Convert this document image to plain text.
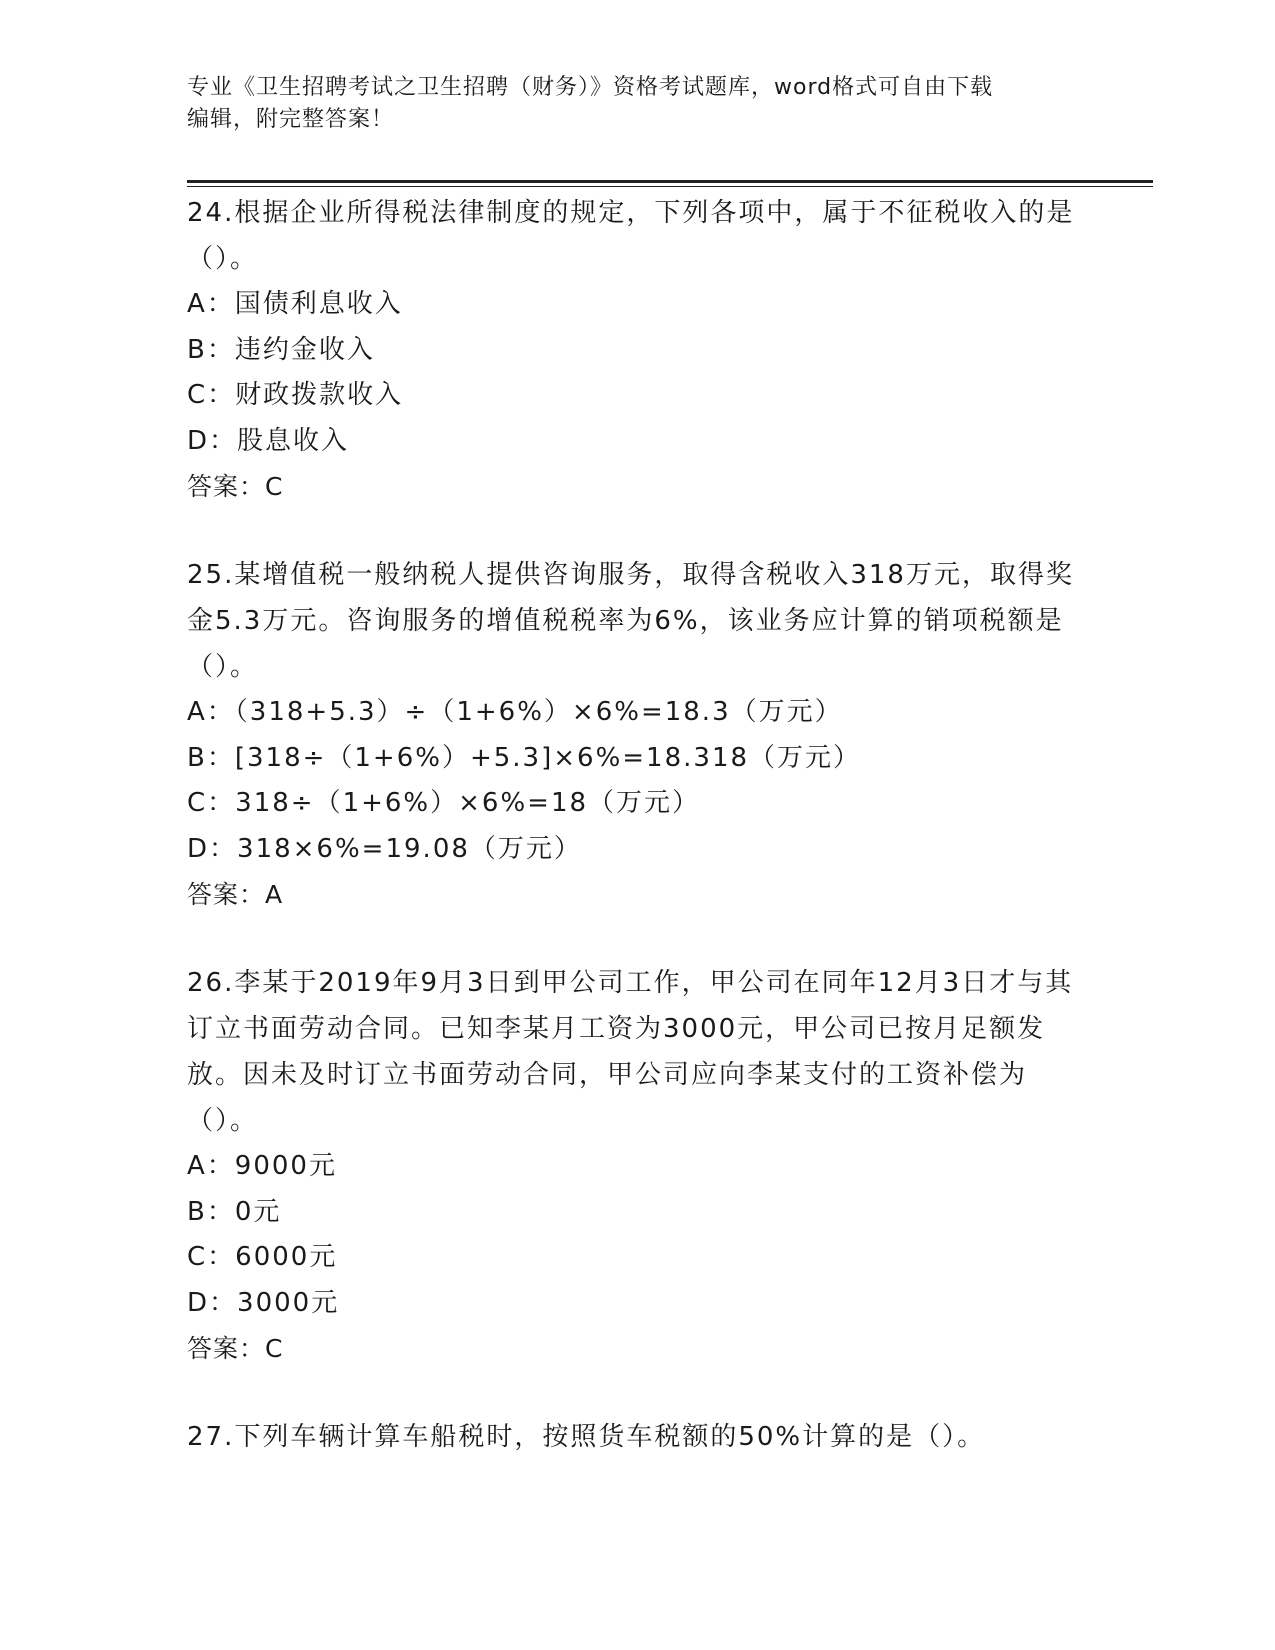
专业《卫生招聘考试之卫生招聘（财务）》资格考试题库，word格式可自由下载
编辑，附完整答案！
24.根据企业所得税法律制度的规定，下列各项中，属于不征税收入的是（）。
A：国债利息收入
B：违约金收入
C：财政拨款收入
D：股息收入
答案：C
25.某增值税一般纳税人提供咨询服务，取得含税收入318万元，取得奖金5.3万元。咨询服务的增值税税率为6%，该业务应计算的销项税额是（）。
A：（318+5.3）÷（1+6%）×6%=18.3（万元）
B：[318÷（1+6%）+5.3]×6%=18.318（万元）
C：318÷（1+6%）×6%=18（万元）
D：318×6%=19.08（万元）
答案：A
26.李某于2019年9月3日到甲公司工作，甲公司在同年12月3日才与其订立书面劳动合同。已知李某月工资为3000元，甲公司已按月足额发放。因未及时订立书面劳动合同，甲公司应向李某支付的工资补偿为（）。
A：9000元
B：0元
C：6000元
D：3000元
答案：C
27.下列车辆计算车船税时，按照货车税额的50%计算的是（）。
